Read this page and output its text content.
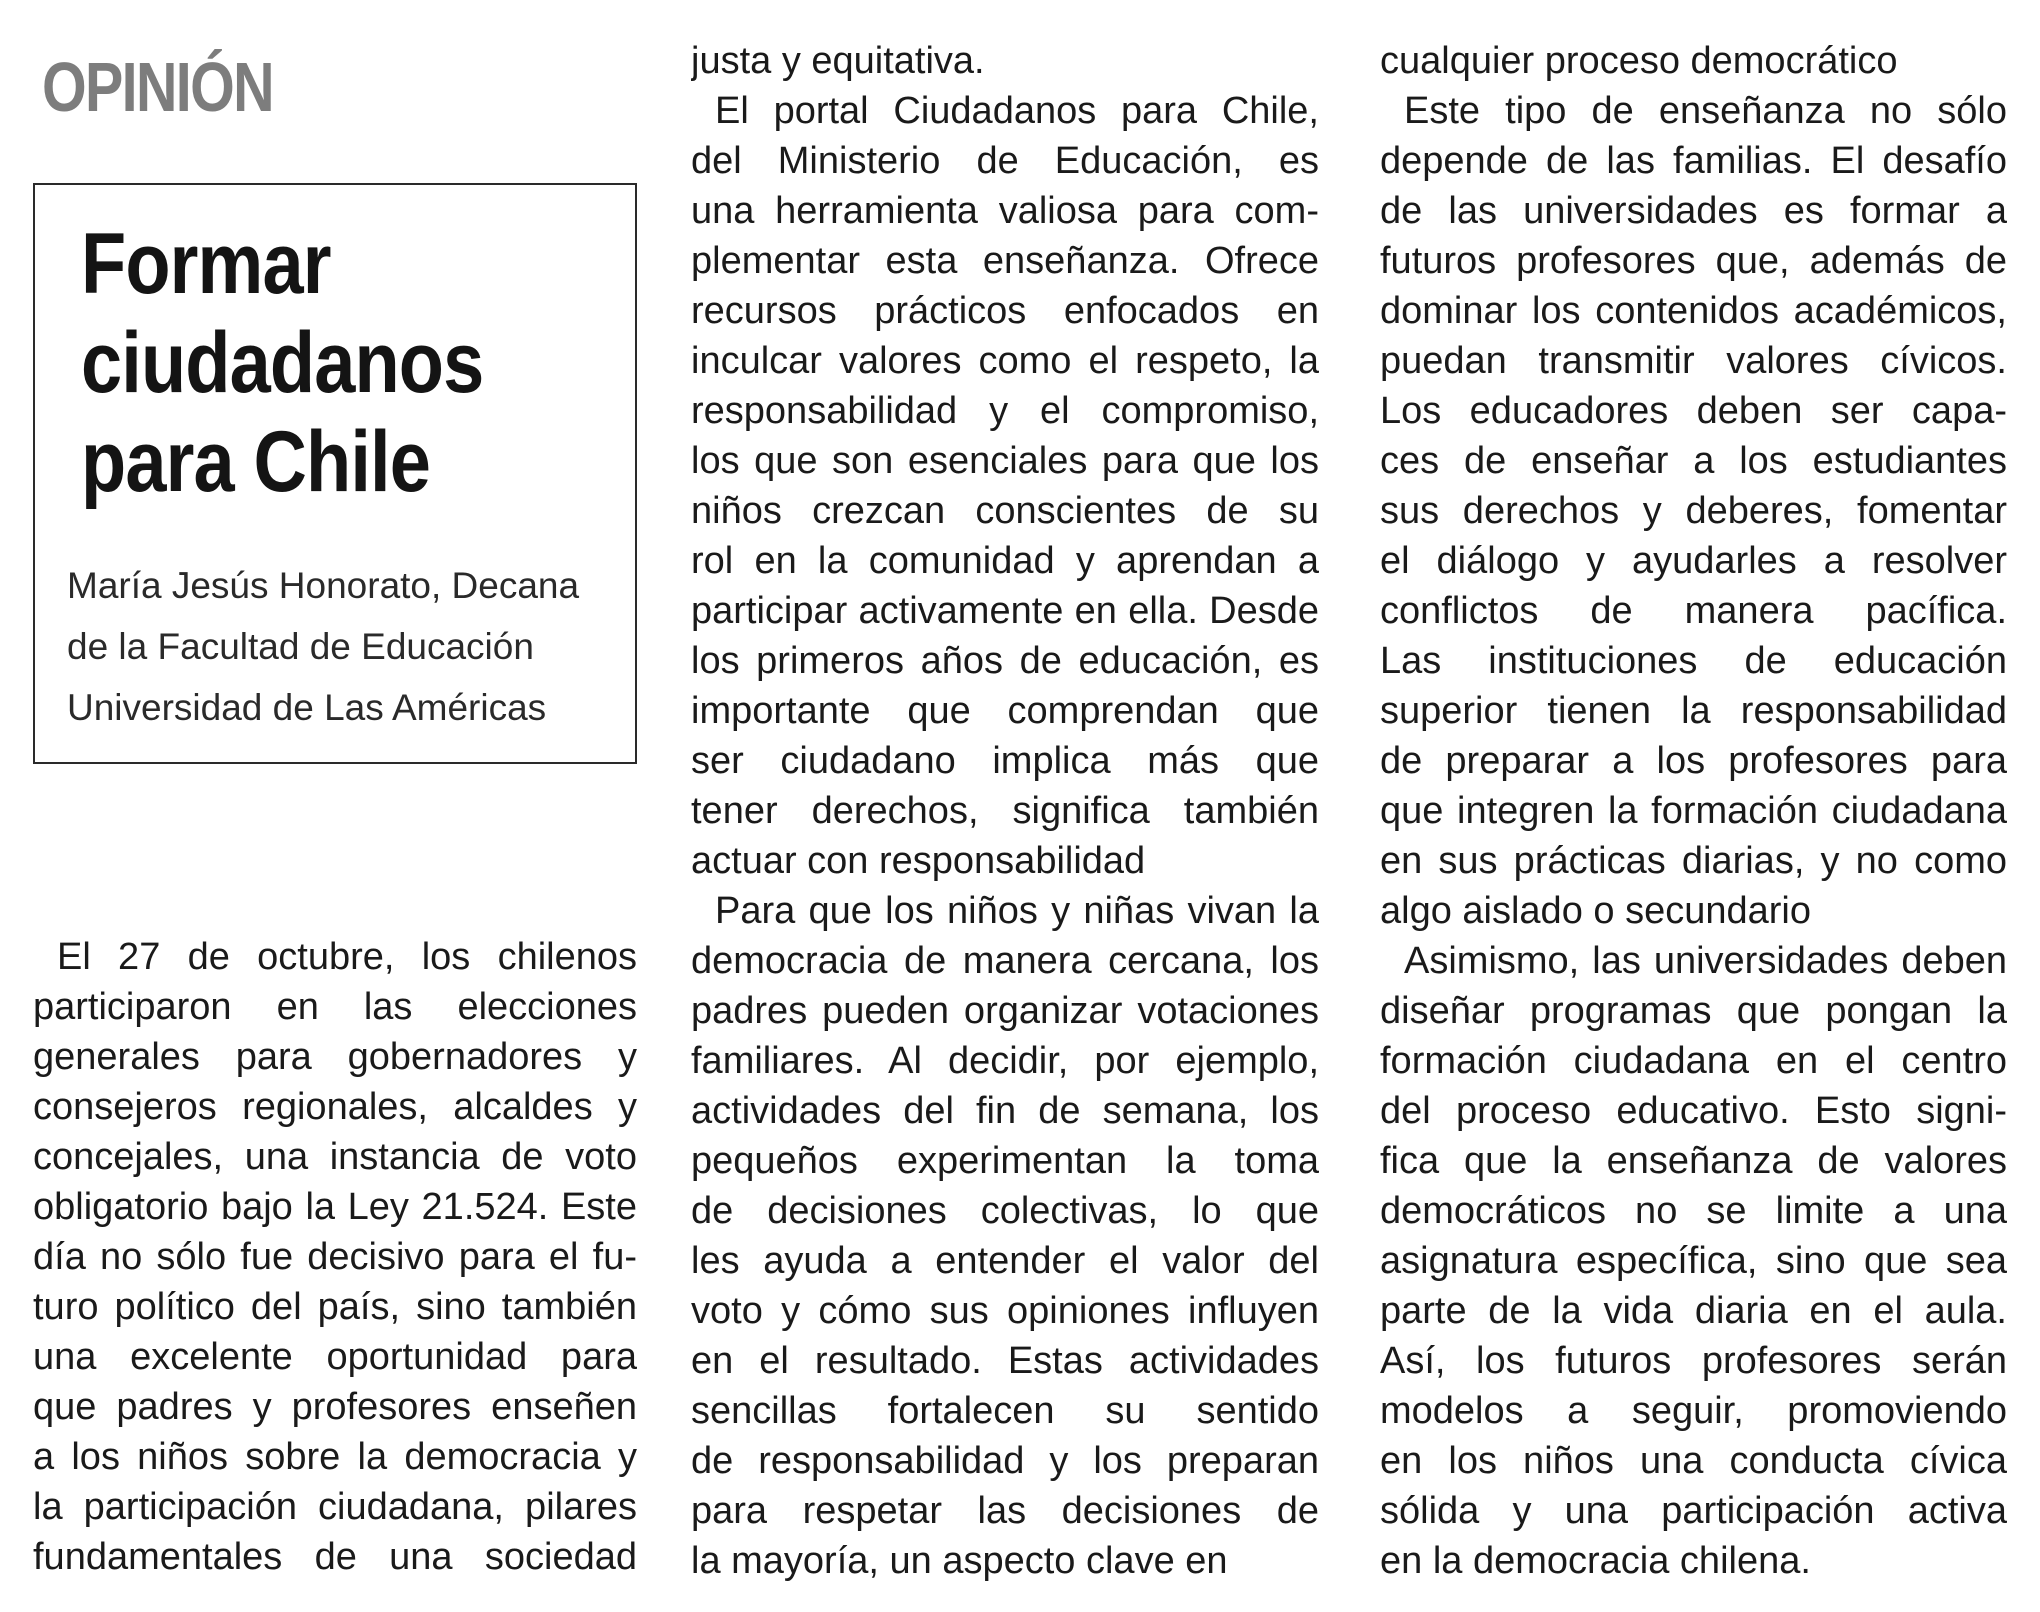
OPINIÓN
Formar
ciudadanos
para Chile
María Jesús Honorato, Decana
de la Facultad de Educación
Universidad de Las Américas
El 27 de octubre, los chilenos
participaron en las elecciones
generales para gobernadores y
consejeros regionales, alcaldes y
concejales, una instancia de voto
obligatorio bajo la Ley 21.524. Este
día no sólo fue decisivo para el fu-
turo político del país, sino también
una excelente oportunidad para
que padres y profesores enseñen
a los niños sobre la democracia y
la participación ciudadana, pilares
fundamentales de una sociedad
justa y equitativa.
El portal Ciudadanos para Chile,
del Ministerio de Educación, es
una herramienta valiosa para com-
plementar esta enseñanza. Ofrece
recursos prácticos enfocados en
inculcar valores como el respeto, la
responsabilidad y el compromiso,
los que son esenciales para que los
niños crezcan conscientes de su
rol en la comunidad y aprendan a
participar activamente en ella. Desde
los primeros años de educación, es
importante que comprendan que
ser ciudadano implica más que
tener derechos, significa también
actuar con responsabilidad
Para que los niños y niñas vivan la
democracia de manera cercana, los
padres pueden organizar votaciones
familiares. Al decidir, por ejemplo,
actividades del fin de semana, los
pequeños experimentan la toma
de decisiones colectivas, lo que
les ayuda a entender el valor del
voto y cómo sus opiniones influyen
en el resultado. Estas actividades
sencillas fortalecen su sentido
de responsabilidad y los preparan
para respetar las decisiones de
la mayoría, un aspecto clave en
cualquier proceso democrático
Este tipo de enseñanza no sólo
depende de las familias. El desafío
de las universidades es formar a
futuros profesores que, además de
dominar los contenidos académicos,
puedan transmitir valores cívicos.
Los educadores deben ser capa-
ces de enseñar a los estudiantes
sus derechos y deberes, fomentar
el diálogo y ayudarles a resolver
conflictos de manera pacífica.
Las instituciones de educación
superior tienen la responsabilidad
de preparar a los profesores para
que integren la formación ciudadana
en sus prácticas diarias, y no como
algo aislado o secundario
Asimismo, las universidades deben
diseñar programas que pongan la
formación ciudadana en el centro
del proceso educativo. Esto signi-
fica que la enseñanza de valores
democráticos no se limite a una
asignatura específica, sino que sea
parte de la vida diaria en el aula.
Así, los futuros profesores serán
modelos a seguir, promoviendo
en los niños una conducta cívica
sólida y una participación activa
en la democracia chilena.
